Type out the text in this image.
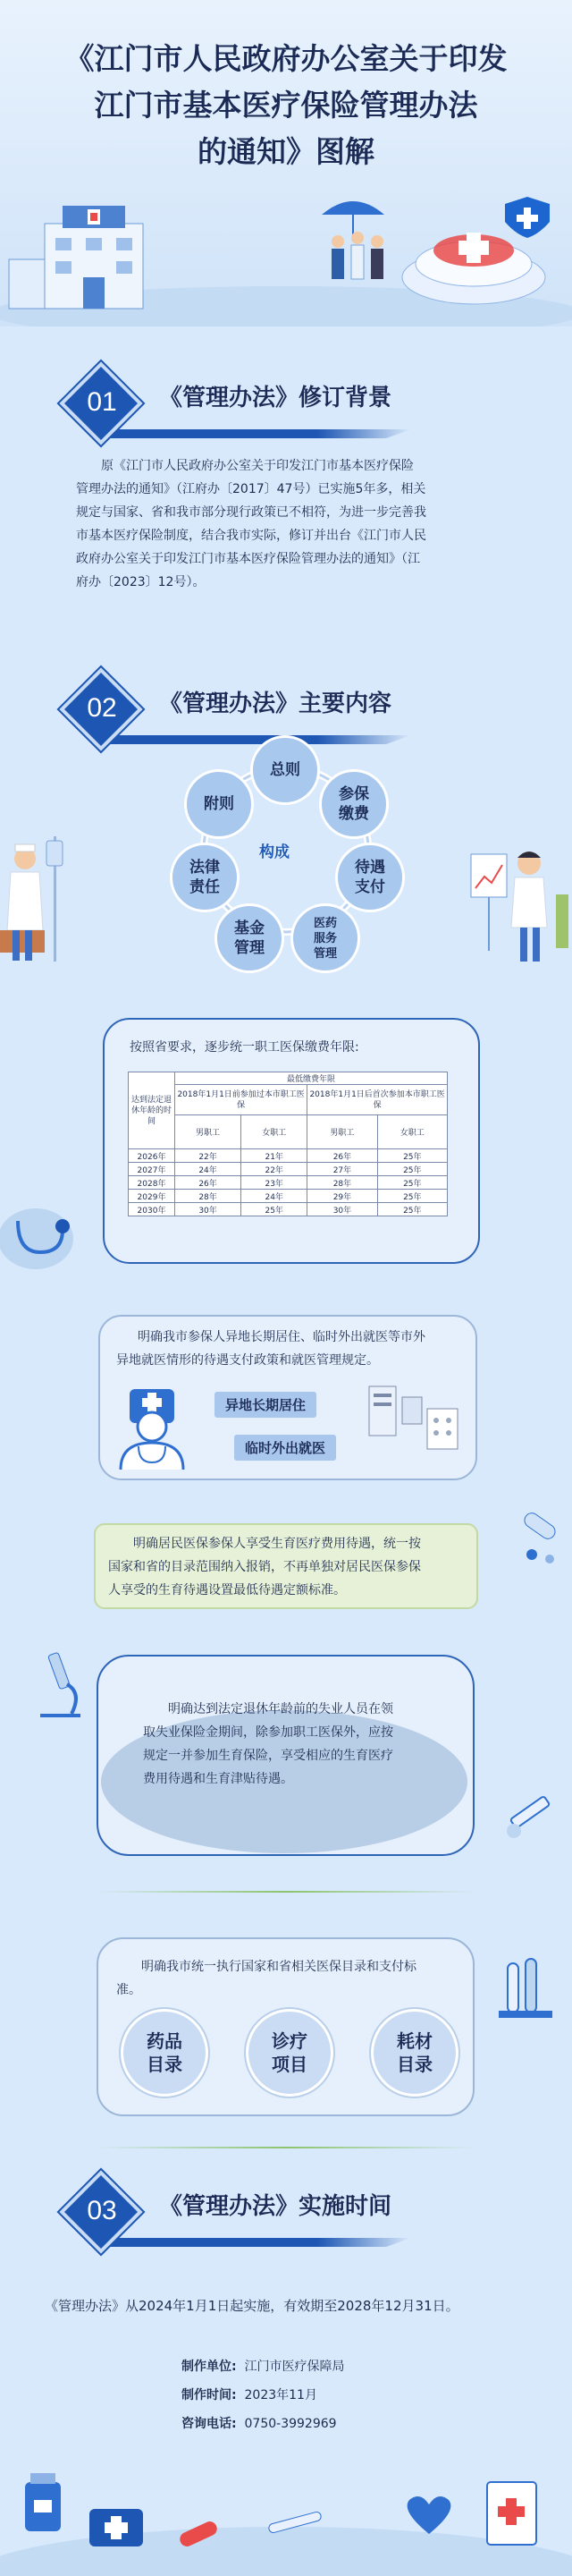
《江门市人民政府办公室关于印发
江门市基本医疗保险管理办法
的通知》图解
01	《管理办法》修订背景
原《江门市人民政府办公室关于印发江门市基本医疗保险
管理办法的通知》（江府办〔2017〕47号）已实施5年多，相关
规定与国家、省和我市部分现行政策已不相符，为进一步完善我
市基本医疗保险制度，结合我市实际，修订并出台《江门市人民
政府办公室关于印发江门市基本医疗保险管理办法的通知》（江
府办〔2023〕12号）。
02	《管理办法》主要内容
构成
总则
参保缴费
待遇支付
医药服务管理
基金管理
法律责任
附则
按照省要求，逐步统一职工医保缴费年限:
达到法定退休年龄的时间	最低缴费年限			
	2018年1月1日前参加过本市职工医保		2018年1月1日后首次参加本市职工医保	
	男职工	女职工	男职工	女职工
2026年	22年	21年	26年	25年
2027年	24年	22年	27年	25年
2028年	26年	23年	28年	25年
2029年	28年	24年	29年	25年
2030年	30年	25年	30年	25年
明确我市参保人异地长期居住、临时外出就医等市外
异地就医情形的待遇支付政策和就医管理规定。
异地长期居住
临时外出就医
明确居民医保参保人享受生育医疗费用待遇，统一按
国家和省的目录范围纳入报销，不再单独对居民医保参保
人享受的生育待遇设置最低待遇定额标准。
明确达到法定退休年龄前的失业人员在领
取失业保险金期间，除参加职工医保外，应按
规定一并参加生育保险，享受相应的生育医疗
费用待遇和生育津贴待遇。
明确我市统一执行国家和省相关医保目录和支付标
准。
药品目录
诊疗项目
耗材目录
03	《管理办法》实施时间
《管理办法》从2024年1月1日起实施，有效期至2028年12月31日。
制作单位: 江门市医疗保障局
制作时间: 2023年11月
咨询电话: 0750-3992969
